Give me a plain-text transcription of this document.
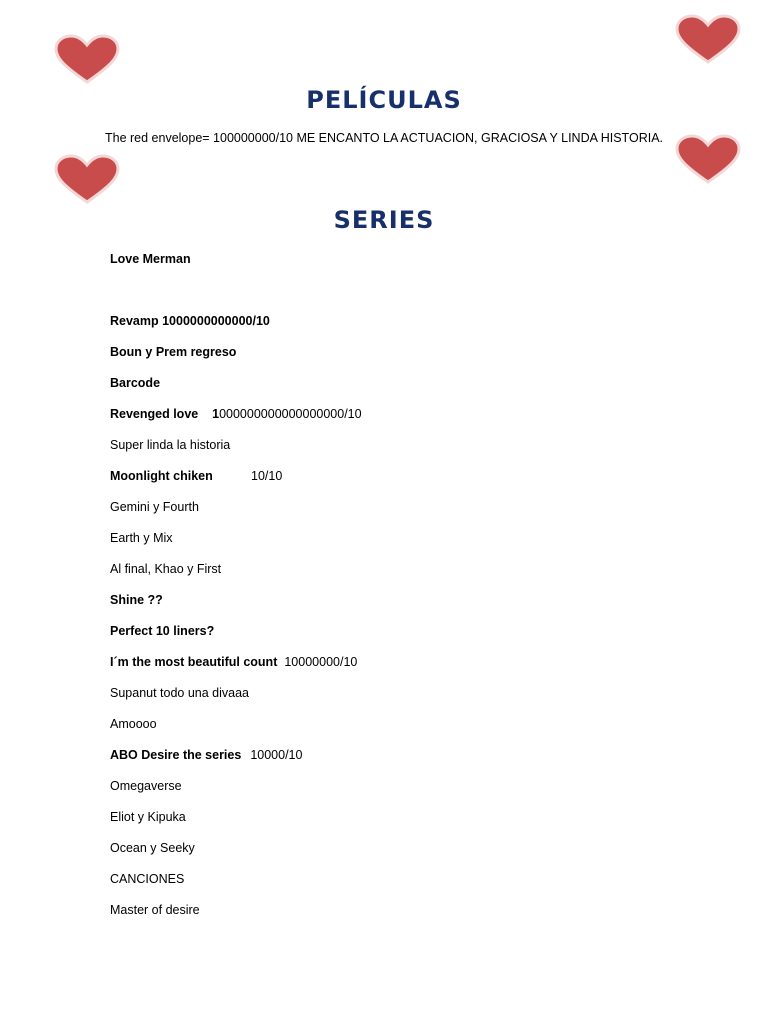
PELÍCULAS
The red envelope= 100000000/10 ME ENCANTO LA ACTUACION, GRACIOSA Y LINDA HISTORIA.
SERIES
Love Merman
Revamp 1000000000000/10
Boun y Prem regreso
Barcode
Revenged love    1000000000000000000/10
Super linda la historia
Moonlight chiken	10/10
Gemini y Fourth
Earth y Mix
Al final, Khao y First
Shine ??
Perfect 10 liners?
I´m the most beautiful count 10000000/10
Supanut todo una divaaa
Amoooo
ABO Desire the series 10000/10
Omegaverse
Eliot y Kipuka
Ocean y Seeky
CANCIONES
Master of desire
